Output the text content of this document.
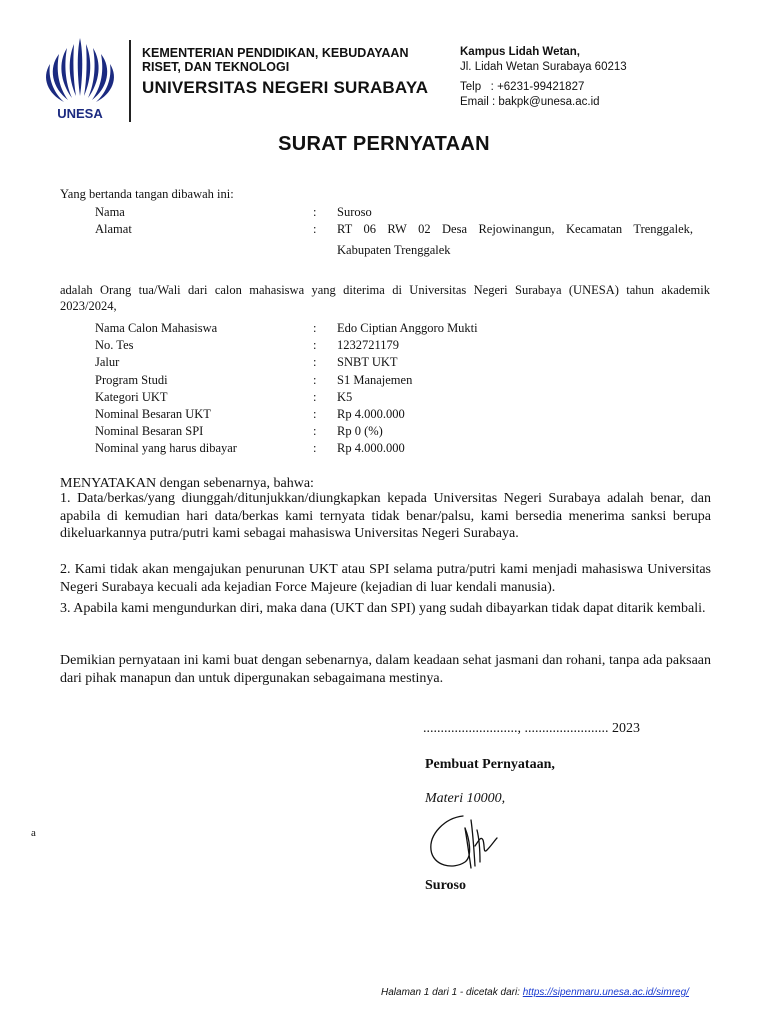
UNESA
KEMENTERIAN PENDIDIKAN, KEBUDAYAAN
RISET, DAN TEKNOLOGI
UNIVERSITAS NEGERI SURABAYA
Kampus Lidah Wetan,
Jl. Lidah Wetan Surabaya 60213
Telp   : +6231-99421827
Email : bakpk@unesa.ac.id
SURAT PERNYATAAN
Yang bertanda tangan dibawah ini:
Nama	: Suroso
Alamat	: RT 06 RW 02 Desa Rejowinangun, Kecamatan Trenggalek,
Kabupaten Trenggalek
adalah Orang tua/Wali dari calon mahasiswa yang diterima di Universitas Negeri Surabaya (UNESA) tahun akademik 2023/2024,
Nama Calon Mahasiswa	: Edo Ciptian Anggoro Mukti
No. Tes	: 1232721179
Jalur	: SNBT UKT
Program Studi	: S1 Manajemen
Kategori UKT	: K5
Nominal Besaran UKT	: Rp 4.000.000
Nominal Besaran SPI	: Rp 0 (%)
Nominal yang harus dibayar	: Rp 4.000.000
MENYATAKAN dengan sebenarnya, bahwa:
1. Data/berkas/yang diunggah/ditunjukkan/diungkapkan kepada Universitas Negeri Surabaya adalah benar, dan apabila di kemudian hari data/berkas kami ternyata tidak benar/palsu, kami bersedia menerima sanksi berupa dikeluarkannya putra/putri kami sebagai mahasiswa Universitas Negeri Surabaya.
2. Kami tidak akan mengajukan penurunan UKT atau SPI selama putra/putri kami menjadi mahasiswa Universitas Negeri Surabaya kecuali ada kejadian Force Majeure (kejadian di luar kendali manusia).
3. Apabila kami mengundurkan diri, maka dana (UKT dan SPI) yang sudah dibayarkan tidak dapat ditarik kembali.
Demikian pernyataan ini kami buat dengan sebenarnya, dalam keadaan sehat jasmani dan rohani, tanpa ada paksaan dari pihak manapun dan untuk dipergunakan sebagaimana mestinya.
..........................., ........................ 2023
Pembuat Pernyataan,
Materi 10000,
Suroso
a
Halaman 1 dari 1 - dicetak dari: https://sipenmaru.unesa.ac.id/simreg/
